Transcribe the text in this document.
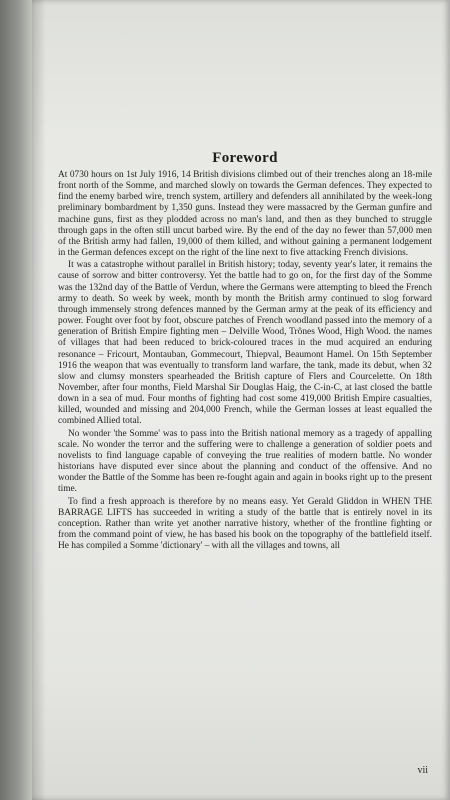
Foreword

At 0730 hours on 1st July 1916, 14 British divisions climbed out of their trenches along an 18-mile front north of the Somme, and marched slowly on towards the German defences. They expected to find the enemy barbed wire, trench system, artillery and defenders all annihilated by the week-long preliminary bombardment by 1,350 guns. Instead they were massacred by the German gunfire and machine guns, first as they plodded across no man's land, and then as they bunched to struggle through gaps in the often still uncut barbed wire. By the end of the day no fewer than 57,000 men of the British army had fallen, 19,000 of them killed, and without gaining a permanent lodgement in the German defences except on the right of the line next to five attacking French divisions.

It was a catastrophe without parallel in British history; today, seventy year's later, it remains the cause of sorrow and bitter controversy. Yet the battle had to go on, for the first day of the Somme was the 132nd day of the Battle of Verdun, where the Germans were attempting to bleed the French army to death. So week by week, month by month the British army continued to slog forward through immensely strong defences manned by the German army at the peak of its efficiency and power. Fought over foot by foot, obscure patches of French woodland passed into the memory of a generation of British Empire fighting men – Delville Wood, Trônes Wood, High Wood. the names of villages that had been reduced to brick-coloured traces in the mud acquired an enduring resonance – Fricourt, Montauban, Gommecourt, Thiepval, Beaumont Hamel. On 15th September 1916 the weapon that was eventually to transform land warfare, the tank, made its debut, when 32 slow and clumsy monsters spearheaded the British capture of Flers and Courcelette. On 18th November, after four months, Field Marshal Sir Douglas Haig, the C-in-C, at last closed the battle down in a sea of mud. Four months of fighting had cost some 419,000 British Empire casualties, killed, wounded and missing and 204,000 French, while the German losses at least equalled the combined Allied total.

No wonder 'the Somme' was to pass into the British national memory as a tragedy of appalling scale. No wonder the terror and the suffering were to challenge a generation of soldier poets and novelists to find language capable of conveying the true realities of modern battle. No wonder historians have disputed ever since about the planning and conduct of the offensive. And no wonder the Battle of the Somme has been re-fought again and again in books right up to the present time.

To find a fresh approach is therefore by no means easy. Yet Gerald Gliddon in WHEN THE BARRAGE LIFTS has succeeded in writing a study of the battle that is entirely novel in its conception. Rather than write yet another narrative history, whether of the frontline fighting or from the command point of view, he has based his book on the topography of the battlefield itself. He has compiled a Somme 'dictionary' – with all the villages and towns, all

vii
